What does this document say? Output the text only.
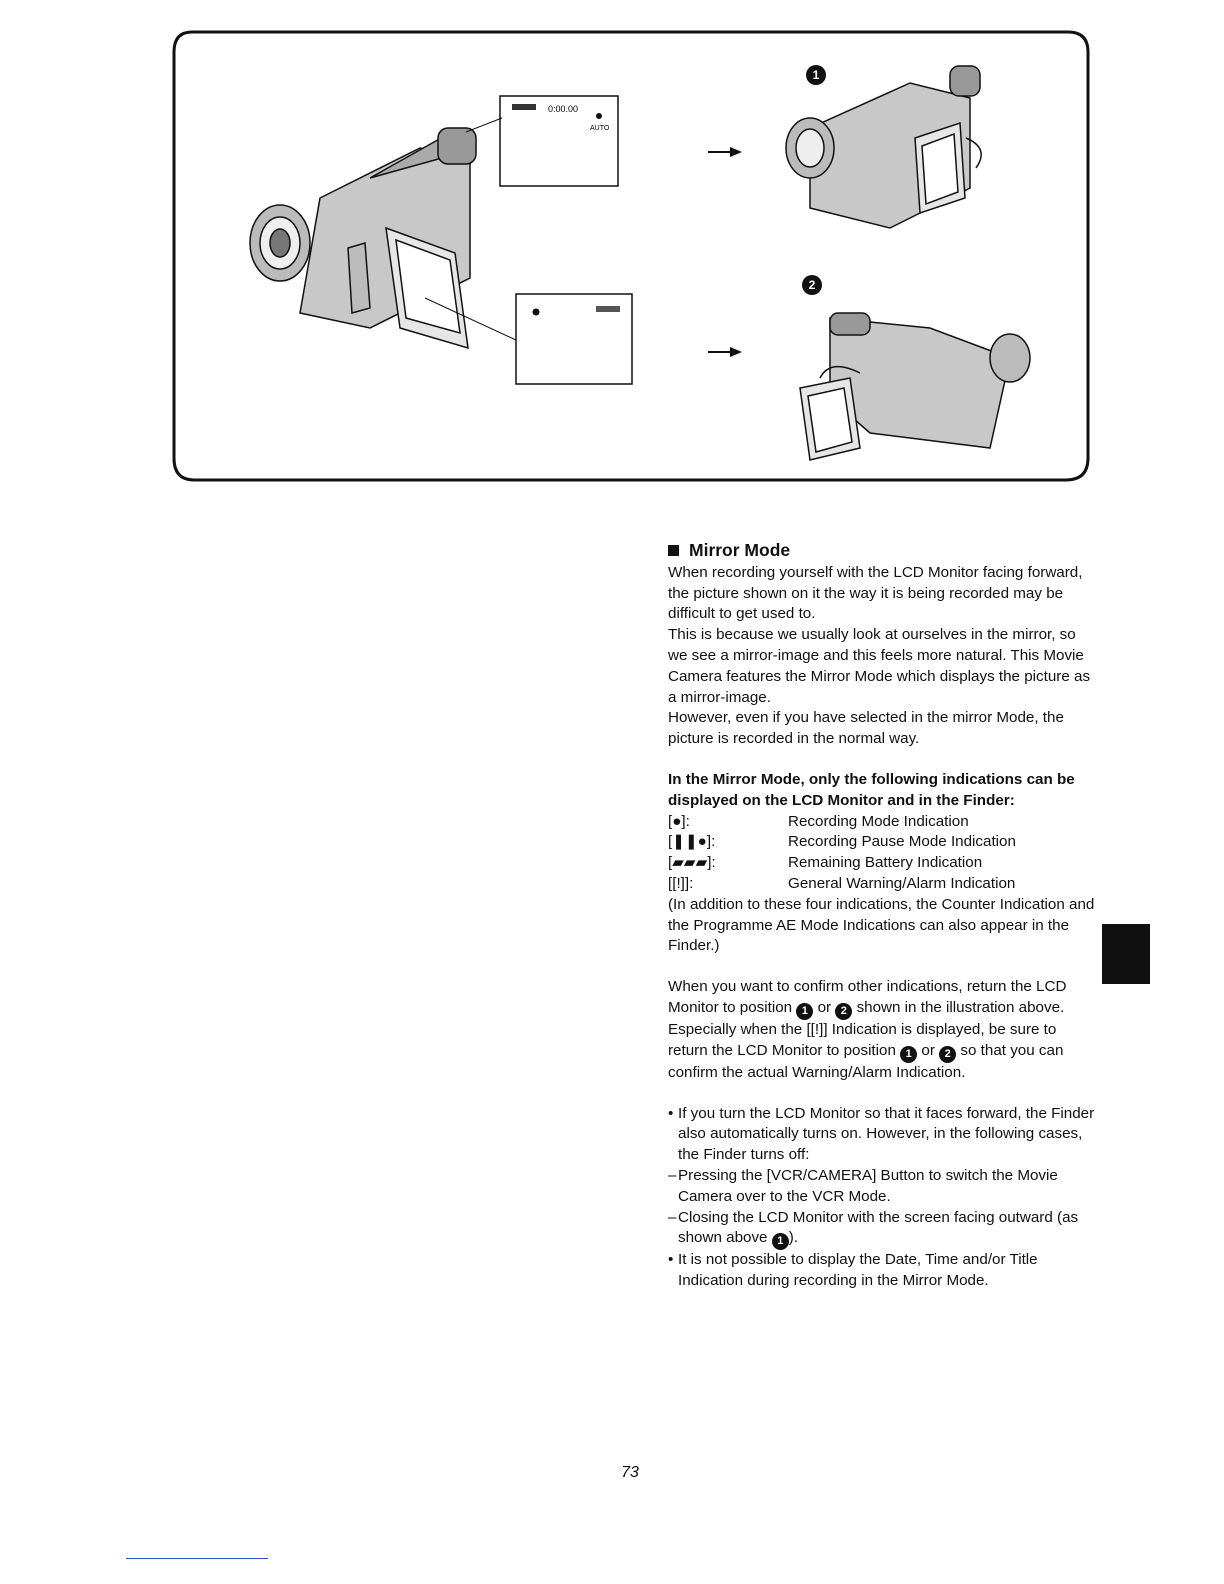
0:00.00
AUTO
1
2
Mirror Mode

When recording yourself with the LCD Monitor facing forward, the picture shown on it the way it is being recorded may be difficult to get used to.

This is because we usually look at ourselves in the mirror, so we see a mirror-image and this feels more natural. This Movie Camera features the Mirror Mode which displays the picture as a mirror-image.

However, even if you have selected in the mirror Mode, the picture is recorded in the normal way.

In the Mirror Mode, only the following indications can be displayed on the LCD Monitor and in the Finder:

[●]:	Recording Mode Indication
[❚❚●]:	Recording Pause Mode Indication
[▰▰▰]:	Remaining Battery Indication
[[!]]:	General Warning/Alarm Indication

(In addition to these four indications, the Counter Indication and the Programme AE Mode Indications can also appear in the Finder.)

When you want to confirm other indications, return the LCD Monitor to position 1 or 2 shown in the illustration above.

Especially when the [[!]] Indication is displayed, be sure to return the LCD Monitor to position 1 or 2 so that you can confirm the actual Warning/Alarm Indication.

• If you turn the LCD Monitor so that it faces forward, the Finder also automatically turns on. However, in the following cases, the Finder turns off:
– Pressing the [VCR/CAMERA] Button to switch the Movie Camera over to the VCR Mode.
– Closing the LCD Monitor with the screen facing outward (as shown above 1 ).
• It is not possible to display the Date, Time and/or Title Indication during recording in the Mirror Mode.
73
